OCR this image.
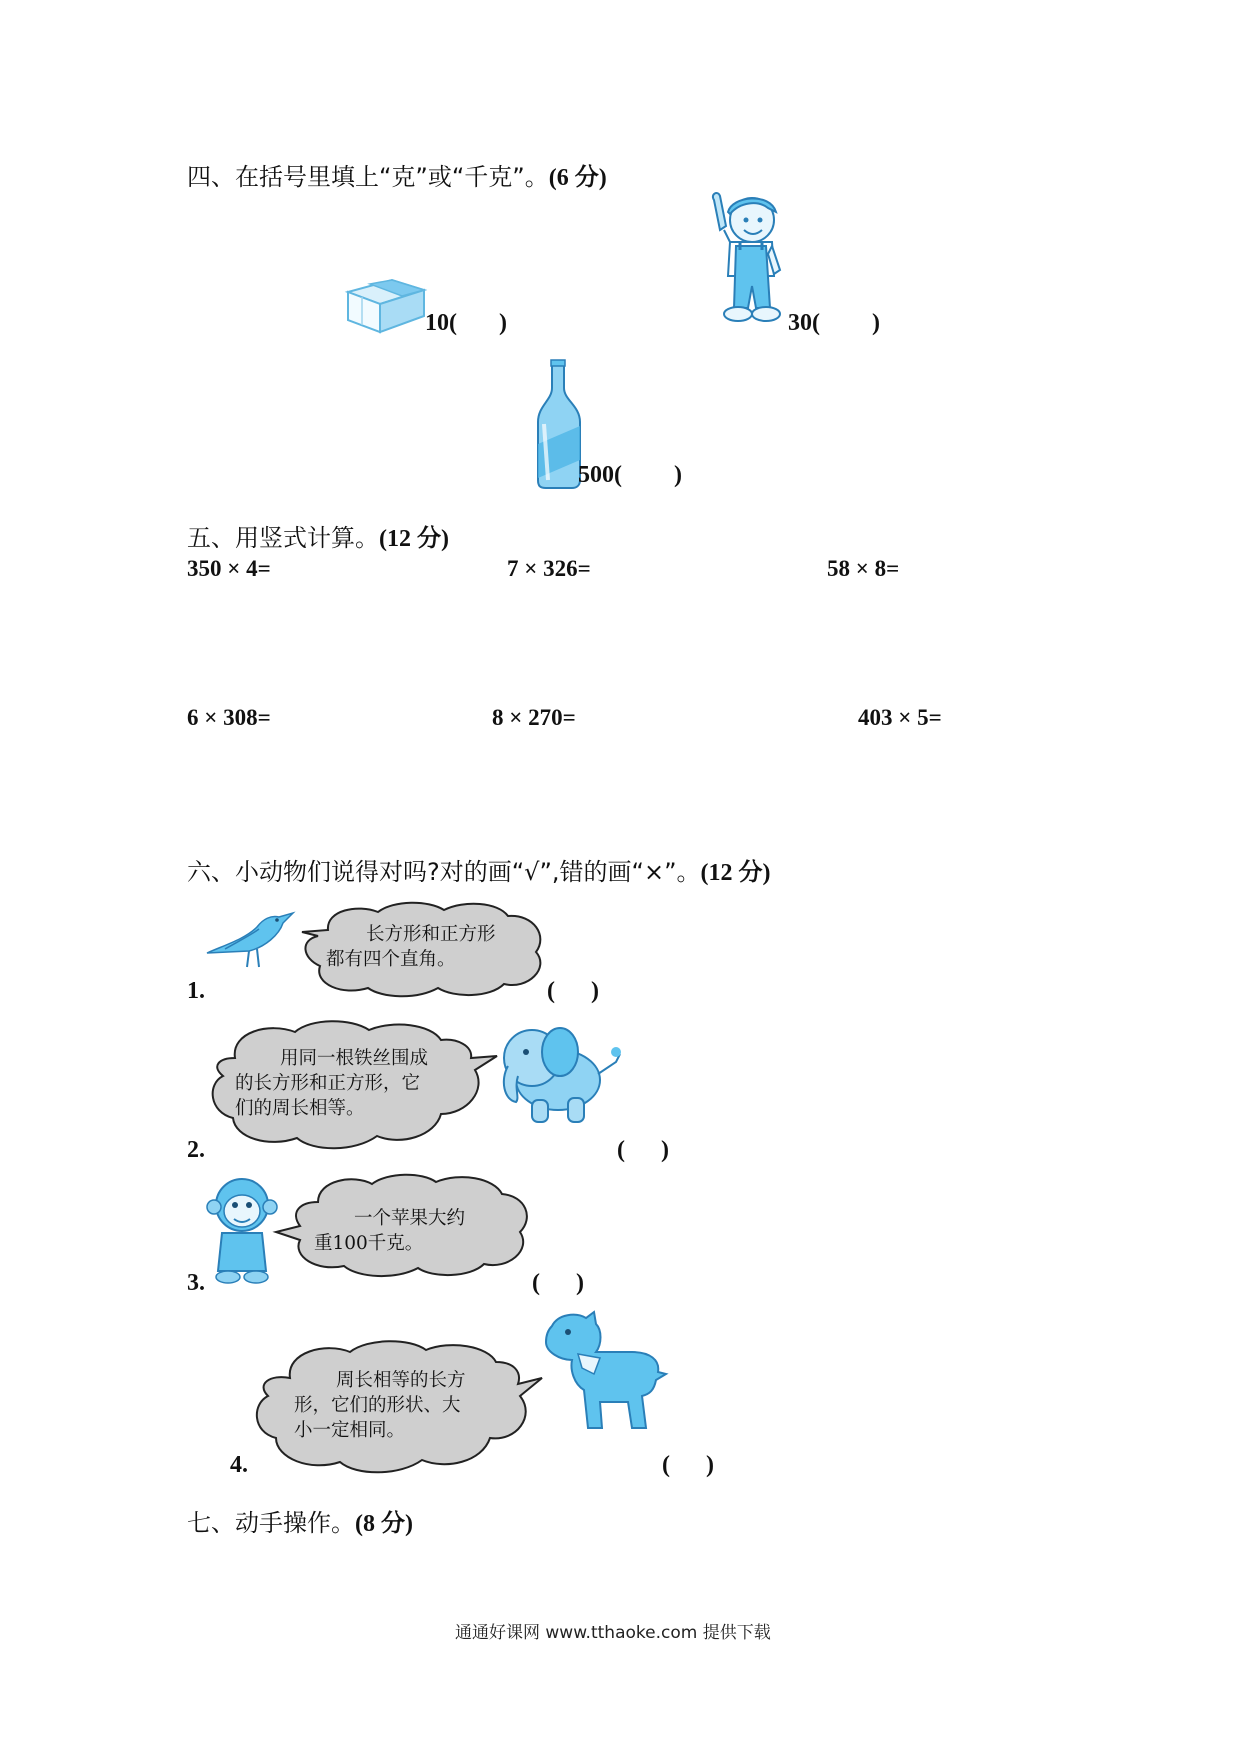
四、在括号里填上“克”或“千克”。(6 分)
10( )	30( )
500( )
五、用竖式计算。(12 分)
350 × 4=	7 × 326=	58 × 8=
6 × 308=	8 × 270=	403 × 5=
六、小动物们说得对吗?对的画“√”,错的画“×”。(12 分)
长方形和正方形
都有四个直角。
1.	(      )
用同一根铁丝围成
的长方形和正方形，它
们的周长相等。
2.	(      )
一个苹果大约
重100千克。
3.	(      )
周长相等的长方
形，它们的形状、大
小一定相同。
4.	(      )
七、动手操作。(8 分)
通通好课网 www.tthaoke.com 提供下载
